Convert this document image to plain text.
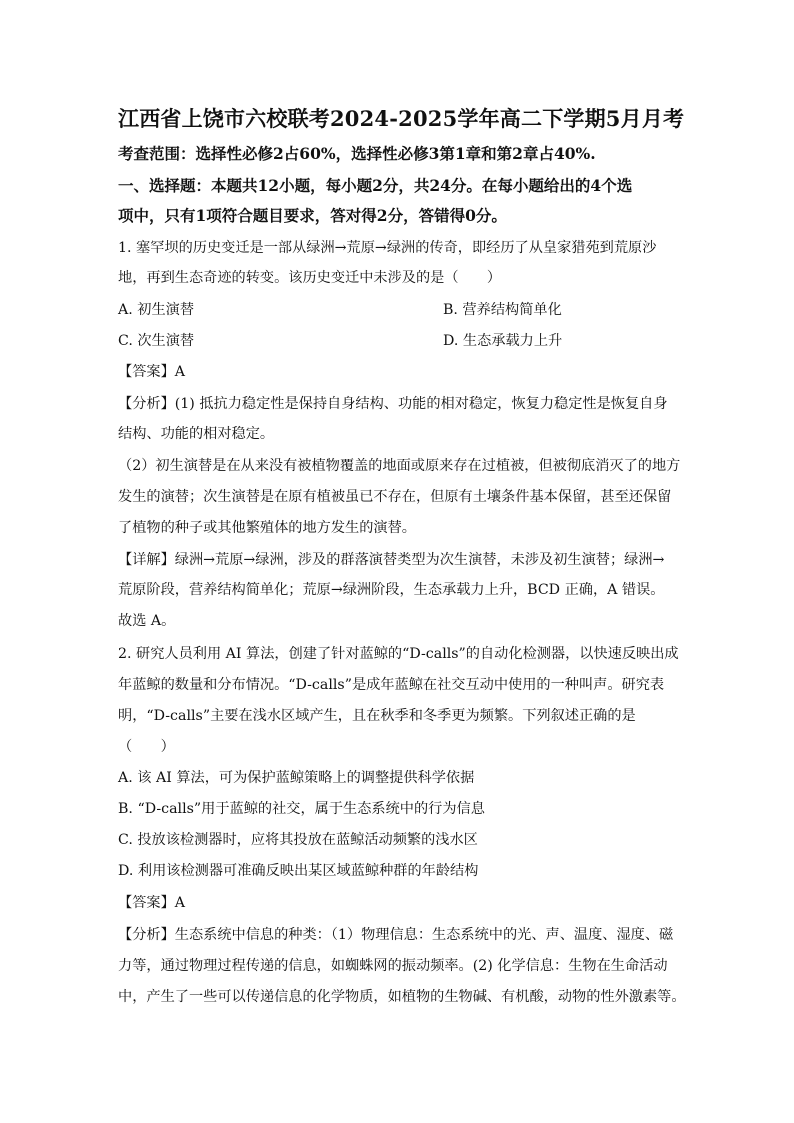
江西省上饶市六校联考2024-2025学年高二下学期5月月考
考查范围：选择性必修2占60%，选择性必修3第1章和第2章占40%.
一、选择题：本题共12小题，每小题2分，共24分。在每小题给出的4个选
项中，只有1项符合题目要求，答对得2分，答错得0分。
1. 塞罕坝的历史变迁是一部从绿洲→荒原→绿洲的传奇，即经历了从皇家猎苑到荒原沙
地，再到生态奇迹的转变。该历史变迁中未涉及的是（　　）
A. 初生演替	B. 营养结构简单化
C. 次生演替	D. 生态承载力上升
【答案】A
【分析】(1) 抵抗力稳定性是保持自身结构、功能的相对稳定，恢复力稳定性是恢复自身
结构、功能的相对稳定。
（2）初生演替是在从来没有被植物覆盖的地面或原来存在过植被，但被彻底消灭了的地方
发生的演替；次生演替是在原有植被虽已不存在，但原有土壤条件基本保留，甚至还保留
了植物的种子或其他繁殖体的地方发生的演替。
【详解】绿洲→荒原→绿洲，涉及的群落演替类型为次生演替，未涉及初生演替；绿洲→
荒原阶段，营养结构简单化；荒原→绿洲阶段，生态承载力上升，BCD 正确，A 错误。
故选 A。
2. 研究人员利用 AI 算法，创建了针对蓝鲸的“D-calls”的自动化检测器，以快速反映出成
年蓝鲸的数量和分布情况。“D-calls”是成年蓝鲸在社交互动中使用的一种叫声。研究表
明，“D-calls”主要在浅水区域产生，且在秋季和冬季更为频繁。下列叙述正确的是
（　　）
A. 该 AI 算法，可为保护蓝鲸策略上的调整提供科学依据
B. “D-calls”用于蓝鲸的社交，属于生态系统中的行为信息
C. 投放该检测器时，应将其投放在蓝鲸活动频繁的浅水区
D. 利用该检测器可准确反映出某区域蓝鲸种群的年龄结构
【答案】A
【分析】生态系统中信息的种类：（1）物理信息：生态系统中的光、声、温度、湿度、磁
力等，通过物理过程传递的信息，如蜘蛛网的振动频率。(2) 化学信息：生物在生命活动
中，产生了一些可以传递信息的化学物质，如植物的生物碱、有机酸，动物的性外激素等。
